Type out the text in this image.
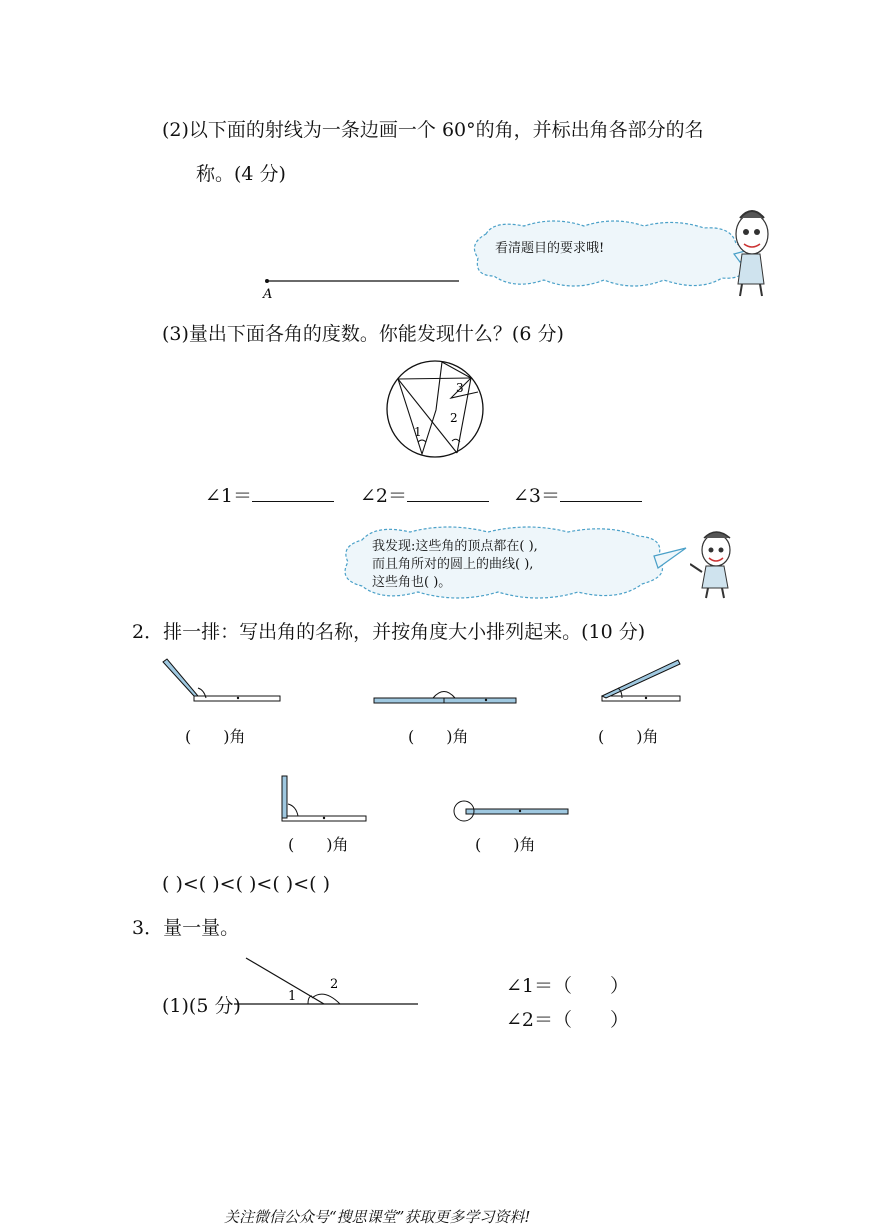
(2)以下面的射线为一条边画一个 60°的角，并标出角各部分的名
称。(4 分)
A
看清题目的要求哦!
(3)量出下面各角的度数。你能发现什么？(6 分)
1
2
3
∠1＝	∠2＝	∠3＝
我发现:这些角的顶点都在( ),
而且角所对的圆上的曲线( ),
这些角也( )。
2．排一排：写出角的名称，并按角度大小排列起来。(10 分)
(　　)角	(　　)角	(　　)角
(　　)角	(　　)角
( )<( )<( )<( )<( )
3．量一量。
(1)(5 分)	1
2	∠1＝（　　）
∠2＝（　　）
关注微信公众号“搜思课堂”获取更多学习资料!
